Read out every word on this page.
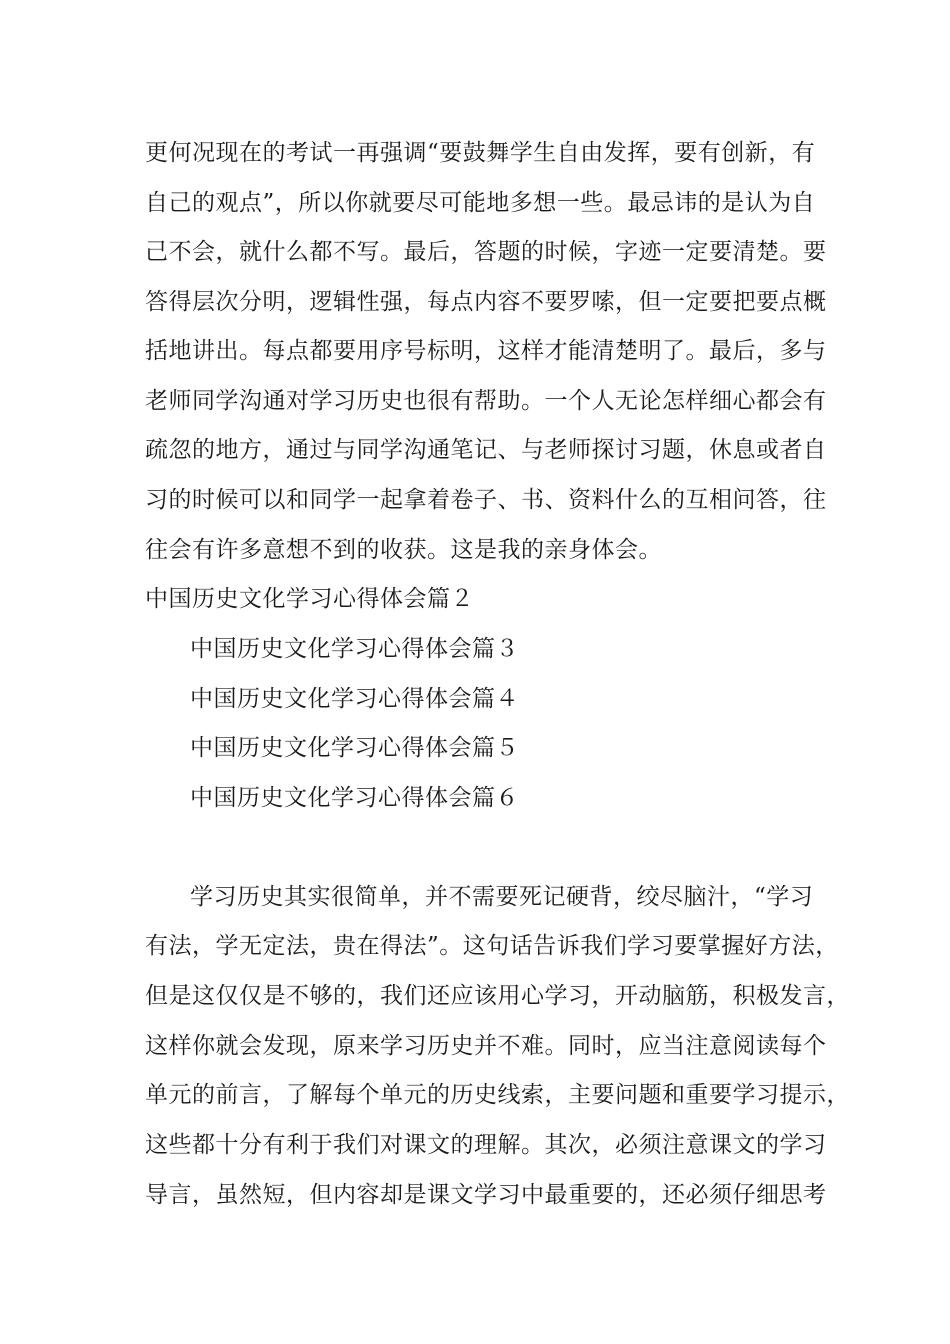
更何况现在的考试一再强调“要鼓舞学生自由发挥，要有创新，有
自己的观点”，所以你就要尽可能地多想一些。最忌讳的是认为自
己不会，就什么都不写。最后，答题的时候，字迹一定要清楚。要
答得层次分明，逻辑性强，每点内容不要罗嗦，但一定要把要点概
括地讲出。每点都要用序号标明，这样才能清楚明了。最后，多与
老师同学沟通对学习历史也很有帮助。一个人无论怎样细心都会有
疏忽的地方，通过与同学沟通笔记、与老师探讨习题，休息或者自
习的时候可以和同学一起拿着卷子、书、资料什么的互相问答，往
往会有许多意想不到的收获。这是我的亲身体会。
中国历史文化学习心得体会篇２
中国历史文化学习心得体会篇３
中国历史文化学习心得体会篇４
中国历史文化学习心得体会篇５
中国历史文化学习心得体会篇６
学习历史其实很简单，并不需要死记硬背，绞尽脑汁，“学习
有法，学无定法，贵在得法”。这句话告诉我们学习要掌握好方法，
但是这仅仅是不够的，我们还应该用心学习，开动脑筋，积极发言，
这样你就会发现，原来学习历史并不难。同时，应当注意阅读每个
单元的前言，了解每个单元的历史线索，主要问题和重要学习提示，
这些都十分有利于我们对课文的理解。其次，必须注意课文的学习
导言，虽然短，但内容却是课文学习中最重要的，还必须仔细思考
